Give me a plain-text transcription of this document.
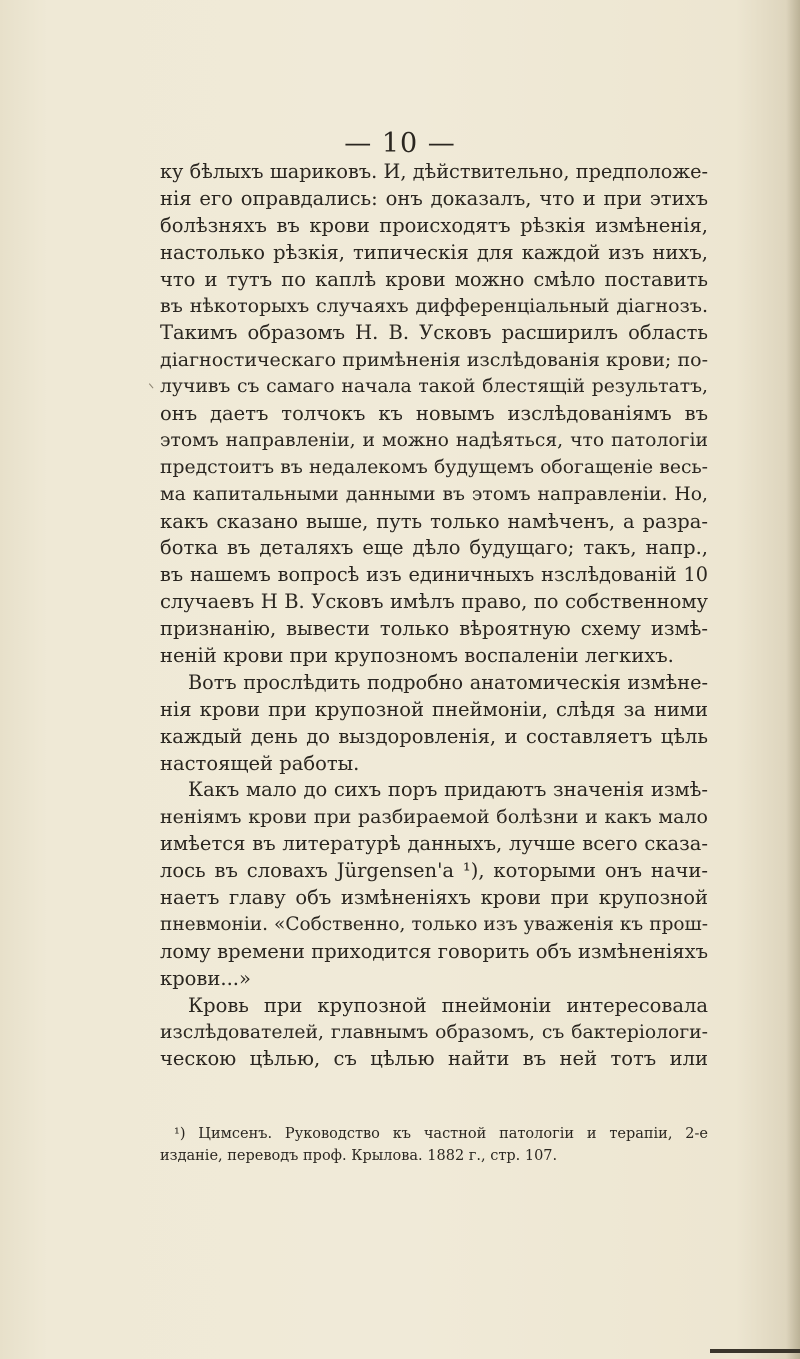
— 10 —
ку бѣлыхъ шариковъ. И, дѣйствительно, предположе-
нія его оправдались: онъ доказалъ, что и при этихъ
болѣзняхъ въ крови происходятъ рѣзкія измѣненія,
настолько рѣзкія, типическія для каждой изъ нихъ,
что и тутъ по каплѣ крови можно смѣло поставить
въ нѣкоторыхъ случаяхъ дифференціальный діагнозъ.
Такимъ образомъ Н. В. Усковъ расширилъ область
діагностическаго примѣненія изслѣдованія крови; по-
лучивъ съ самаго начала такой блестящій результатъ,
онъ даетъ толчокъ къ новымъ изслѣдованіямъ въ
этомъ направленіи, и можно надѣяться, что патологіи
предстоитъ въ недалекомъ будущемъ обогащеніе весь-
ма капитальными данными въ этомъ направленіи. Но,
какъ сказано выше, путь только намѣченъ, а разра-
ботка въ деталяхъ еще дѣло будущаго; такъ, напр.,
въ нашемъ вопросѣ изъ единичныхъ нзслѣдованій 10
случаевъ Н В. Усковъ имѣлъ право, по собственному
признанію, вывести только вѣроятную схему измѣ-
неній крови при крупозномъ воспаленіи легкихъ.
Вотъ прослѣдить подробно анатомическія измѣне-
нія крови при крупозной пнеймоніи, слѣдя за ними
каждый день до выздоровленія, и составляетъ цѣль
настоящей работы.
Какъ мало до сихъ поръ придаютъ значенія измѣ-
неніямъ крови при разбираемой болѣзни и какъ мало
имѣется въ литературѣ данныхъ, лучше всего сказа-
лось въ словахъ Jürgensen'a ¹), которыми онъ начи-
наетъ главу объ измѣненіяхъ крови при крупозной
пневмоніи. «Собственно, только изъ уваженія къ прош-
лому времени приходится говорить объ измѣненіяхъ
крови...»
Кровь при крупозной пнеймоніи интересовала
изслѣдователей, главнымъ образомъ, съ бактеріологи-
ческою цѣлью, съ цѣлью найти въ ней тотъ или
¹) Цимсенъ. Руководство къ частной патологіи и терапіи, 2-е
изданіе, переводъ проф. Крылова. 1882 г., стр. 107.
